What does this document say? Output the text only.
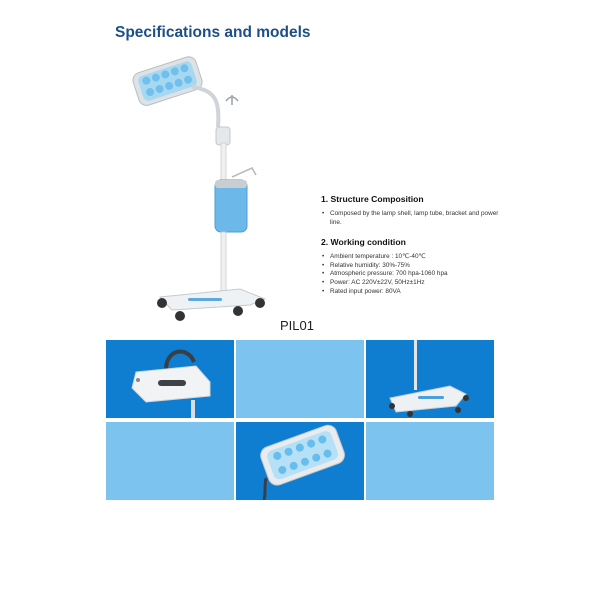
Specifications and models
1. Structure Composition
• Composed by the lamp shell, lamp tube, bracket and power line.
2. Working condition
• Ambient temperature : 10℃-40℃
• Relative humidity: 30%-75%
• Atmospheric pressure: 700 hpa-1060 hpa
• Power: AC 220V±22V, 50Hz±1Hz
• Rated input power: 80VA
PIL01
